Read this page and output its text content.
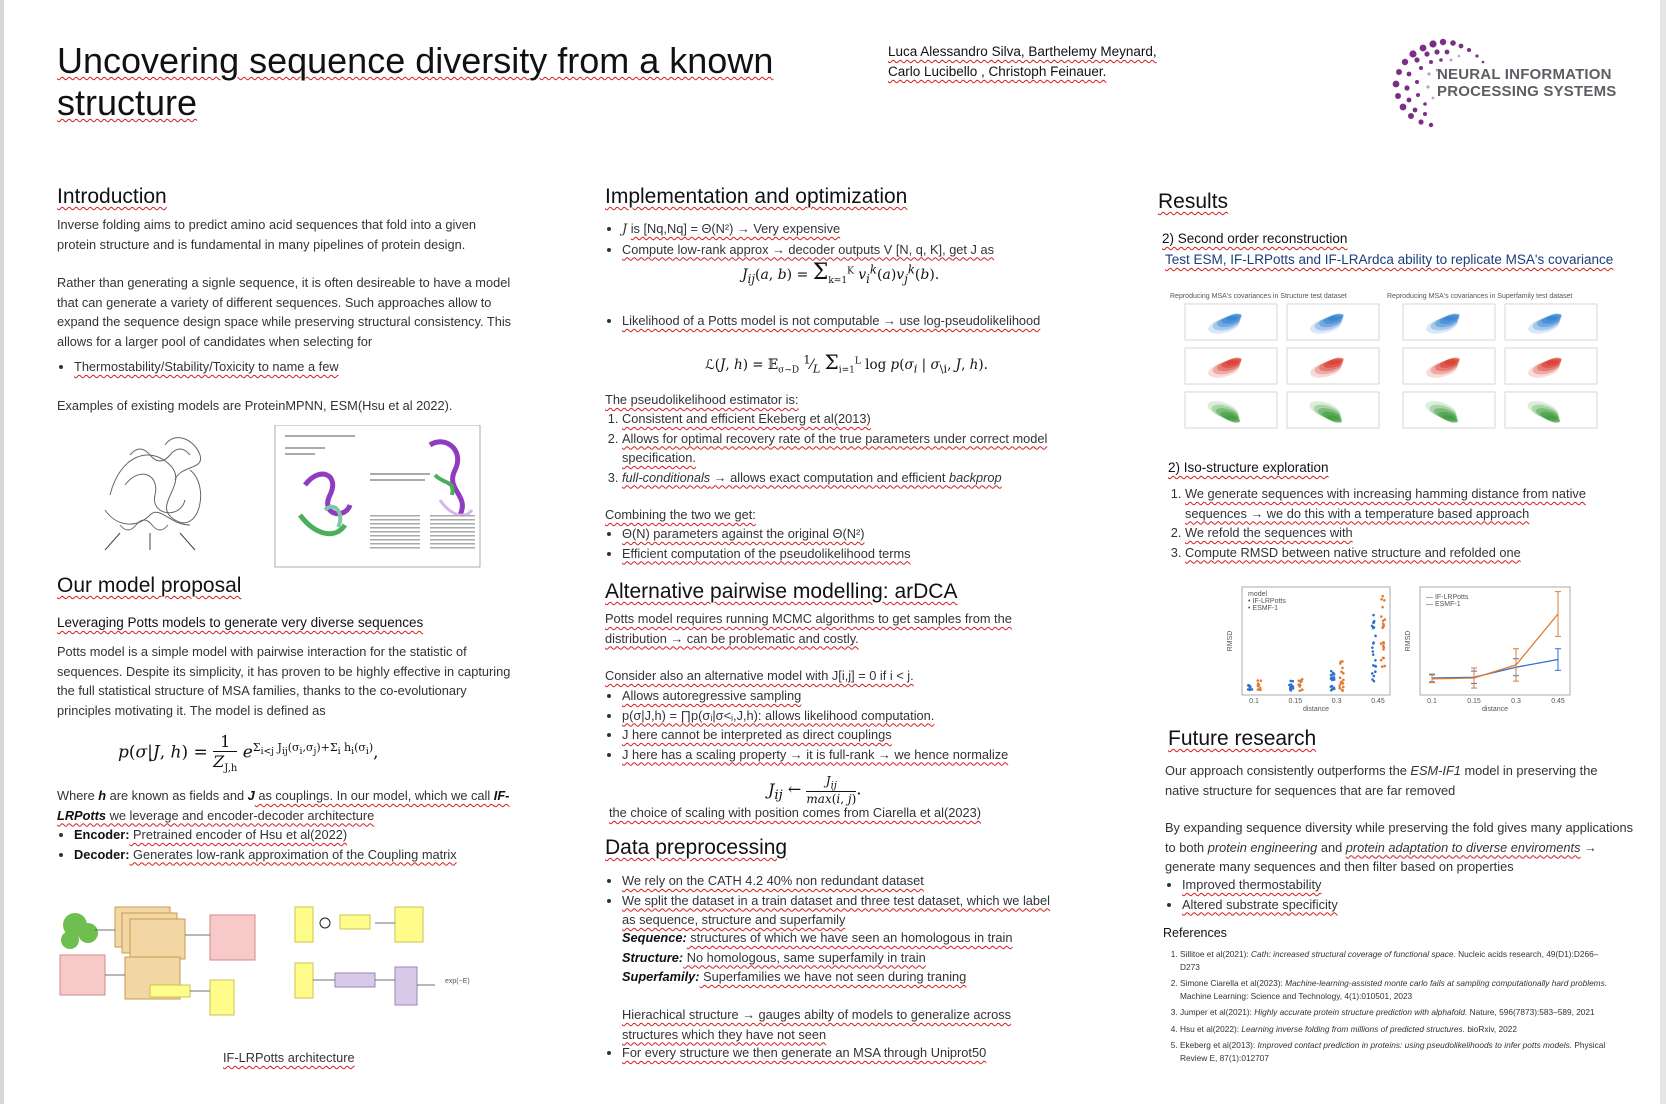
Uncovering sequence diversity from a known structure
Luca Alessandro Silva, Barthelemy Meynard,
Carlo Lucibello , Christoph Feinauer.	NEURAL INFORMATION
PROCESSING SYSTEMS
Introduction
Inverse folding aims to predict amino acid sequences that fold into a given protein structure and is fundamental in many pipelines of protein design.
Rather than generating a signle sequence, it is often desireable to have a model that can generate a variety of different sequences. Such approaches allow to expand the sequence design space while preserving structural consistency. This allows for a larger pool of candidates when selecting for
• Thermostability/Stability/Toxicity to name a few
Examples of existing models are ProteinMPNN, ESM(Hsu et al 2022).
Our model proposal
Leveraging Potts models to generate very diverse sequences
Potts model is a simple model with pairwise interaction for the statistic of sequences. Despite its simplicity, it has proven to be highly effective in capturing the full statistical structure of MSA families, thanks to the co-evolutionary principles motivating it. The model is defined as
p(σ|J, $h) = \frac{1}{Z_{J,h}} e^{\Sigma_{i<j} J_{ij}(\sigma_i,\sigma_j)+\Sigma_i h_i(\sigma_i)}$,
Where h are known as fields and J as couplings. In our model, which we call IF-LRPotts we leverage and encoder-decoder architecture
• Encoder: Pretrained encoder of Hsu et al(2022)
• Decoder: Generates low-rank approximation of the Coupling matrix
exp(−E)
IF-LRPotts architecture
Implementation and optimization
• J is [Nq,Nq] = Θ(N²) → Very expensive
• Compute low-rank approx → decoder outputs V [N, q, K], get J as
$J_{ij}(a$, $b) = \Sigma_{k=1}^K$ $v_i^k(a)v_j^k(b)$.
• Likelihood of a Potts model is not computable → use log-pseudolikelihood
ℒ(J, h) = 𝔼$_{\sigma\sim D}$ $^1⁄_L$ $\Sigma_{i=1}^L$ $\log p(\sigma_i$ | $\sigma_{\backslash i}$, J, h).
The pseudolikelihood estimator is:
1. Consistent and efficient Ekeberg et al(2013)
2. Allows for optimal recovery rate of the true parameters under correct model specification.
3. full-conditionals → allows exact computation and efficient backprop
Combining the two we get:
• Θ(N) parameters against the original Θ(N²)
• Efficient computation of the pseudolikelihood terms
Alternative pairwise modelling: arDCA
Potts model requires running MCMC algorithms to get samples from the distribution → can be problematic and costly.
Consider also an alternative model with J[i,j] = 0 if i < j.
• Allows autoregressive sampling
• p(σ|J,h) = ∏p(σᵢ|σ<ᵢ,J,h): allows likelihood computation.
• J here cannot be interpreted as direct couplings
• J here has a scaling property → it is full-rank → we hence normalize
$J_{ij}$ ←	$J_{ij}$
max(i, j)
.
the choice of scaling with position comes from Ciarella et al(2023)
Data preprocessing
• We rely on the CATH 4.2 40% non redundant dataset
• We split the dataset in a train dataset and three test dataset, which we label as sequence, structure and superfamily
Sequence: structures of which we have seen an homologous in train
Structure: No homologous, same superfamily in train
Superfamily: Superfamilies we have not seen during traning
Hierachical structure → gauges abilty of models to generalize across structures which they have not seen
• For every structure we then generate an MSA through Uniprot50
Results
2) Second order reconstruction
Test ESM, IF-LRPotts and IF-LRArdca ability to replicate MSA's covariance
Reproducing MSA's covariances in Structure test dataset	Reproducing MSA's covariances in Superfamily test dataset
2) Iso-structure exploration
1. We generate sequences with increasing hamming distance from native sequences → we do this with a temperature based approach
2. We refold the sequences with
3. Compute RMSD between native structure and refolded one
0.1	0.15	0.3	0.45
distance
RMSD
model
• IF-LRPotts
• ESMF-1
0.1	0.15	0.3	0.45
distance
RMSD
— IF-LRPotts
— ESMF-1
Future research
Our approach consistently outperforms the ESM-IF1 model in preserving the native structure for sequences that are far removed
By expanding sequence diversity while preserving the fold gives many applications to both protein engineering and protein adaptation to diverse enviroments → generate many sequences and then filter based on properties
• Improved thermostability
• Altered substrate specificity
References
1. Sillitoe et al(2021): Cath: increased structural coverage of functional space. Nucleic acids research, 49(D1):D266–D273
2. Simone Ciarella et al(2023): Machine-learning-assisted monte carlo fails at sampling computationally hard problems. Machine Learning: Science and Technology, 4(1):010501, 2023
3. Jumper et al(2021): Highly accurate protein structure prediction with alphafold. Nature, 596(7873):583–589, 2021
4. Hsu et al(2022): Learning inverse folding from millions of predicted structures. bioRxiv, 2022
5. Ekeberg et al(2013): Improved contact prediction in proteins: using pseudolikelihoods to infer potts models. Physical Review E, 87(1):012707
